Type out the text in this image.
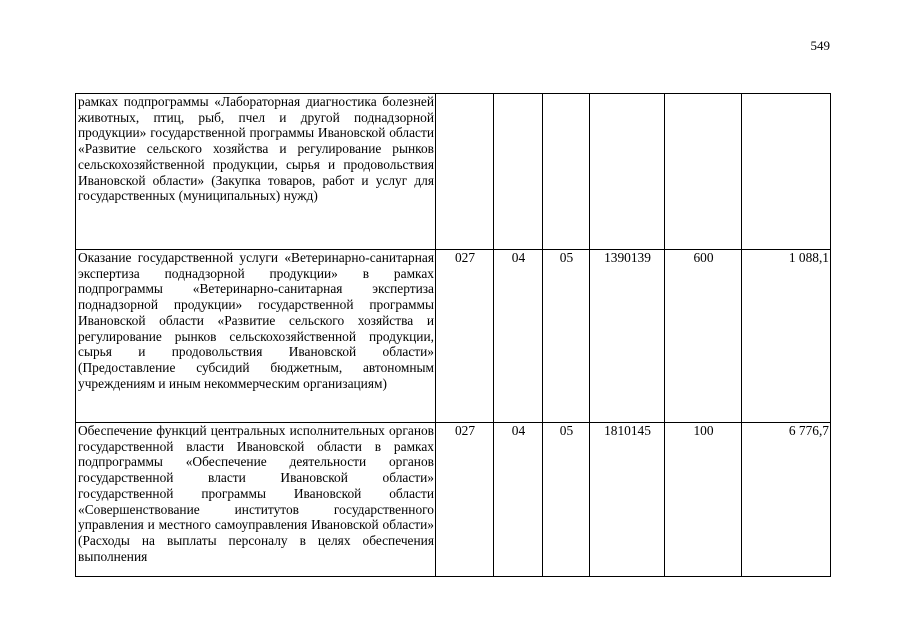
549
рамках подпрограммы «Лабораторная диагностика болезней животных, птиц, рыб, пчел и другой поднадзорной продукции» государственной программы Ивановской области «Развитие сельского хозяйства и регулирование рынков сельскохозяйственной продукции, сырья и продовольствия Ивановской области» (Закупка товаров, работ и услуг для государственных (муниципальных) нужд)						
Оказание государственной услуги «Ветеринарно-санитарная экспертиза поднадзорной продукции» в рамках подпрограммы «Ветеринарно-санитарная экспертиза поднадзорной продукции» государственной программы Ивановской области «Развитие сельского хозяйства и регулирование рынков сельскохозяйственной продукции, сырья и продовольствия Ивановской области» (Предоставление субсидий бюджетным, автономным учреждениям и иным некоммерческим организациям)	027	04	05	1390139	600	1 088,1
Обеспечение функций центральных исполнительных органов государственной власти Ивановской области в рамках подпрограммы «Обеспечение деятельности органов государственной власти Ивановской области» государственной программы Ивановской области «Совершенствование институтов государственного управления и местного самоуправления Ивановской области» (Расходы на выплаты персоналу в целях обеспечения выполнения	027	04	05	1810145	100	6 776,7
